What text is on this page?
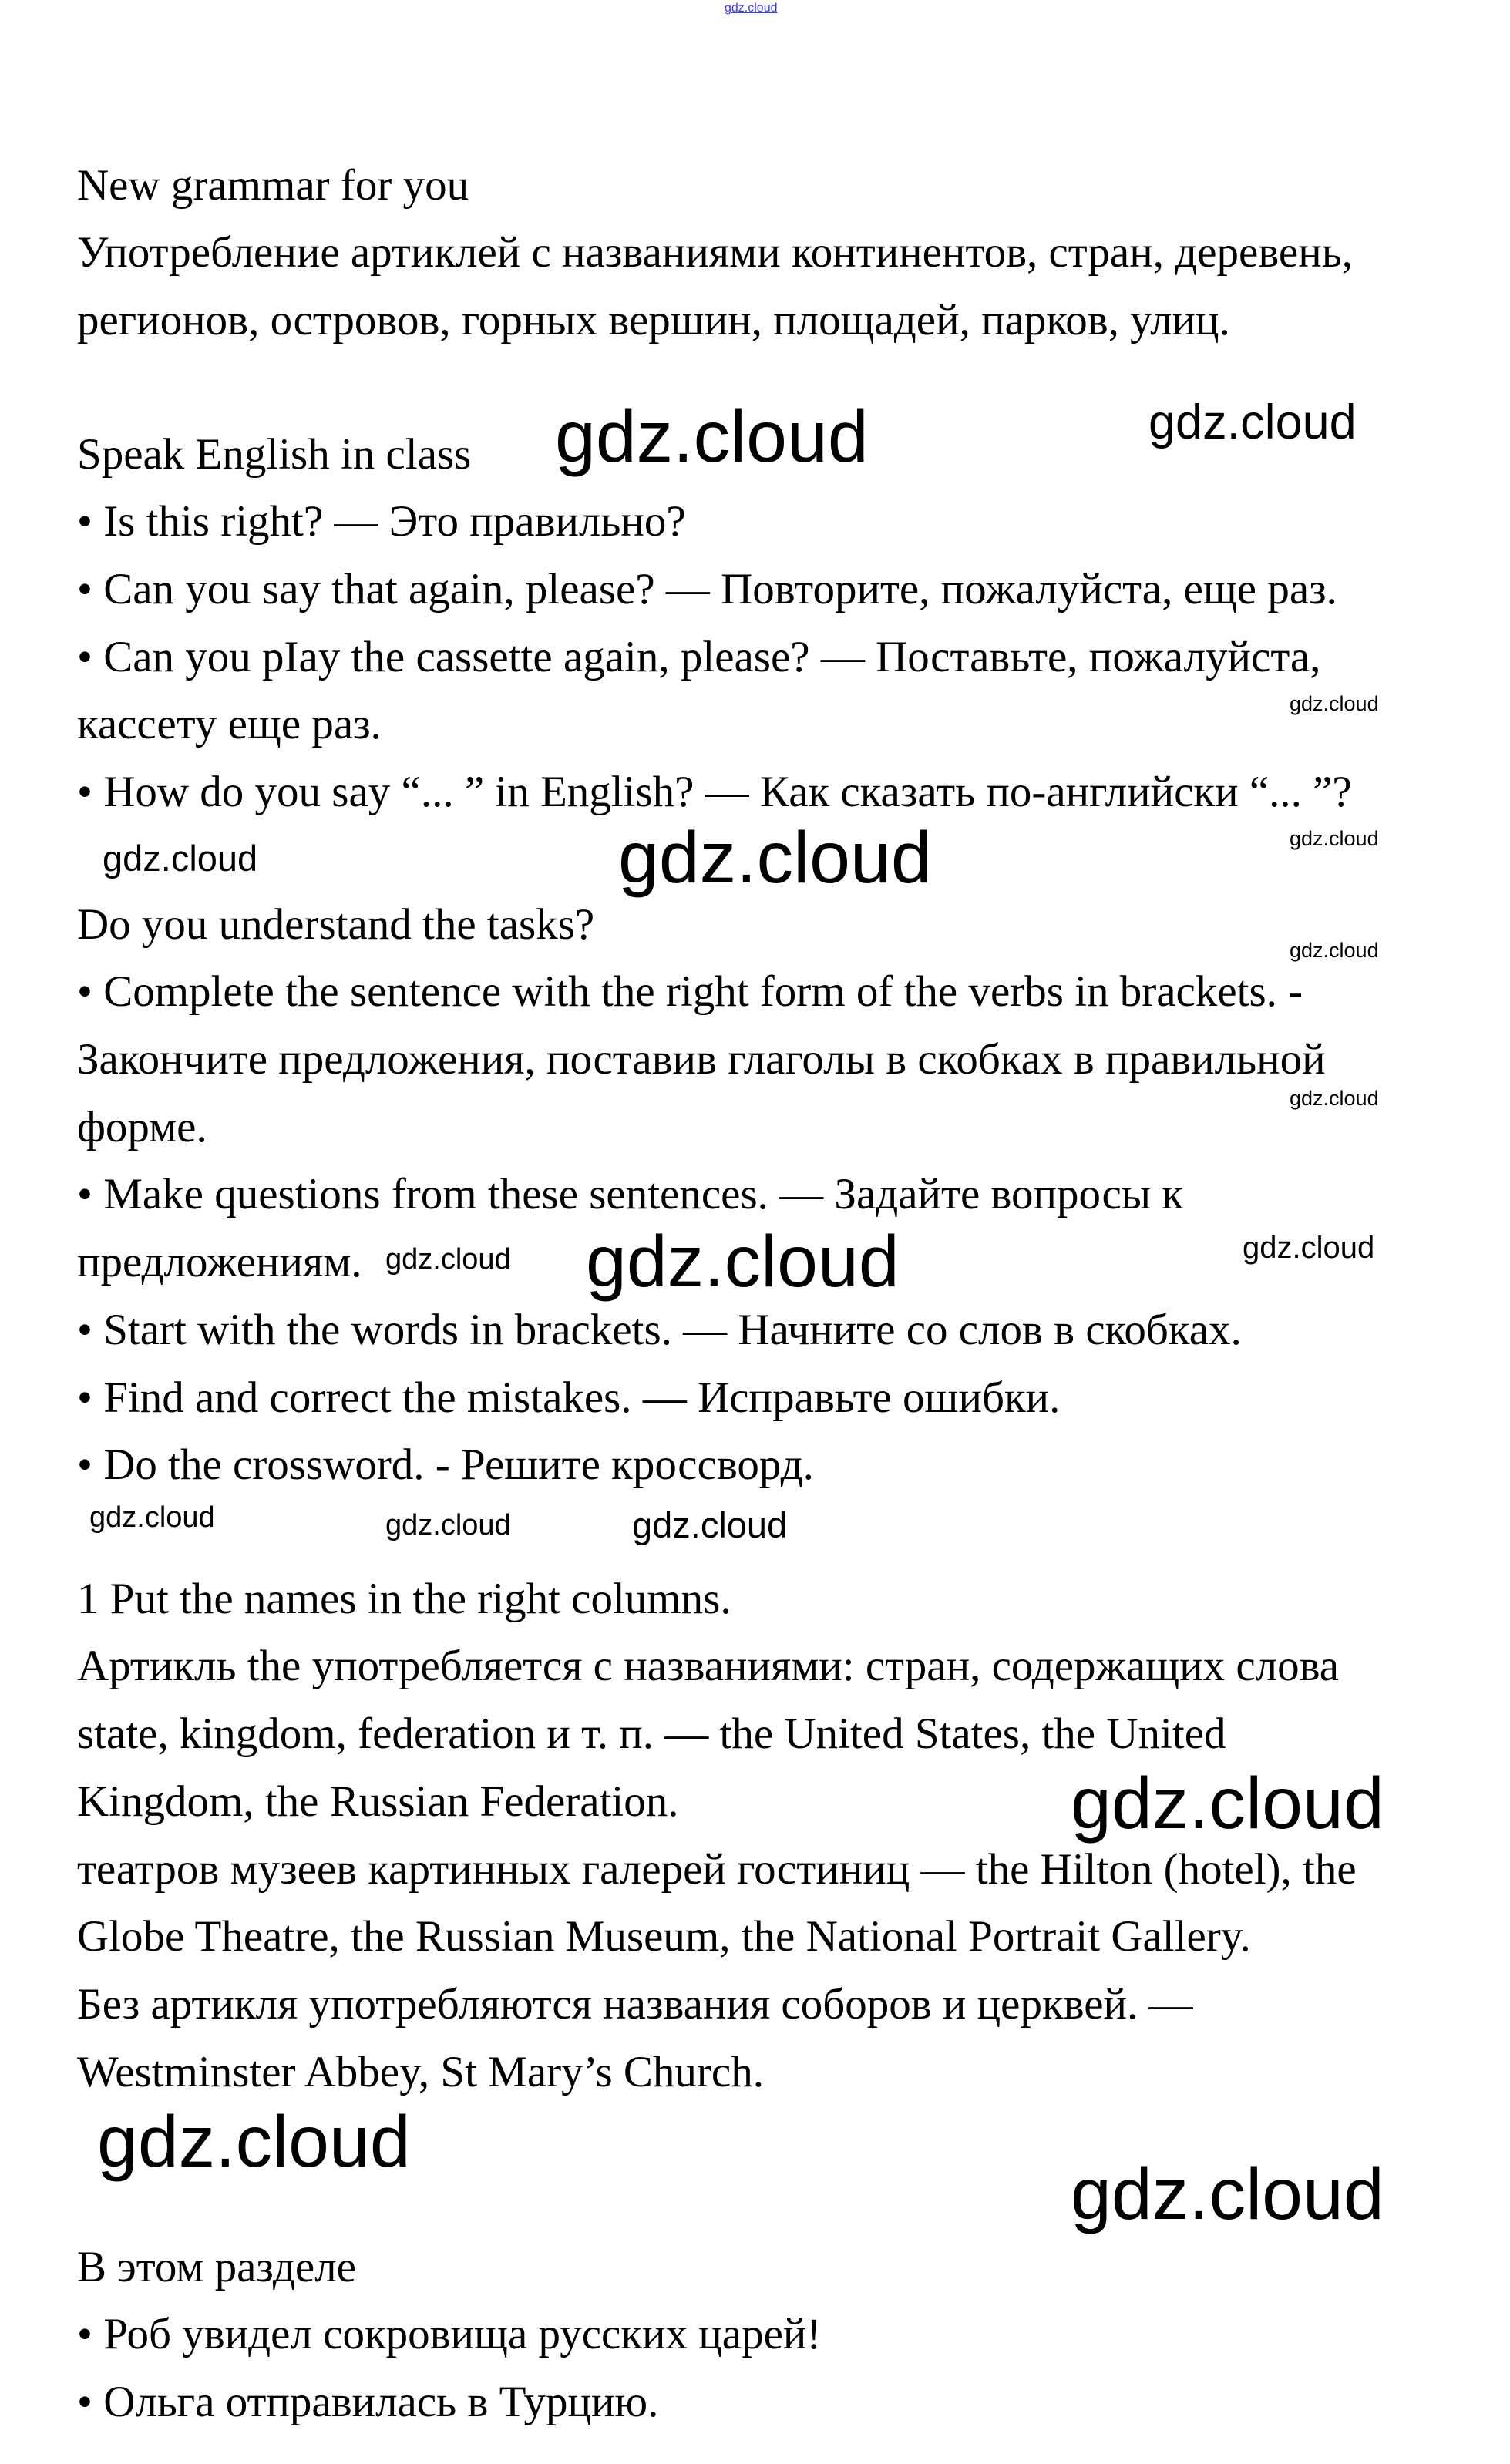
gdz.cloud
New grammar for you
Употребление артиклей с названиями континентов, стран, деревень,
регионов, островов, горных вершин, площадей, парков, улиц.
Speak English in class
• Is this right? — Это правильно?
• Can you say that again, please? — Повторите, пожалуйста, еще раз.
• Can you pIay the cassette again, please? — Поставьте, пожалуйста,
кассету еще раз.
• How do you say “... ” in English? — Как сказать по-английски “... ”?
Do you understand the tasks?
• Complete the sentence with the right form of the verbs in brackets. -
Закончите предложения, поставив глаголы в скобках в правильной
форме.
• Make questions from these sentences. — Задайте вопросы к
предложениям.
• Start with the words in brackets. — Начните со слов в скобках.
• Find and correct the mistakes. — Исправьте ошибки.
• Do the crossword. - Решите кроссворд.
1 Put the names in the right columns.
Артикль the употребляется с названиями: стран, содержащих слова
state, kingdom, federation и т. п. — the United States, the United
Kingdom, the Russian Federation.
театров музеев картинных галерей гостиниц — the Hilton (hotel), the
Globe Theatre, the Russian Museum, the National Portrait Gallery.
Без артикля употребляются названия соборов и церквей. —
Westminster Abbey, St Mary’s Church.
В этом разделе
• Роб увидел сокровища русских царей!
• Ольга отправилась в Турцию.
gdz.cloud	gdz.cloud
gdz.cloud
gdz.cloud
gdz.cloud
gdz.cloud
gdz.cloud
gdz.cloud
gdz.cloud gdz.cloud	gdz.cloud
gdz.cloud	gdz.cloud	gdz.cloud
gdz.cloud
gdz.cloud
gdz.cloud
